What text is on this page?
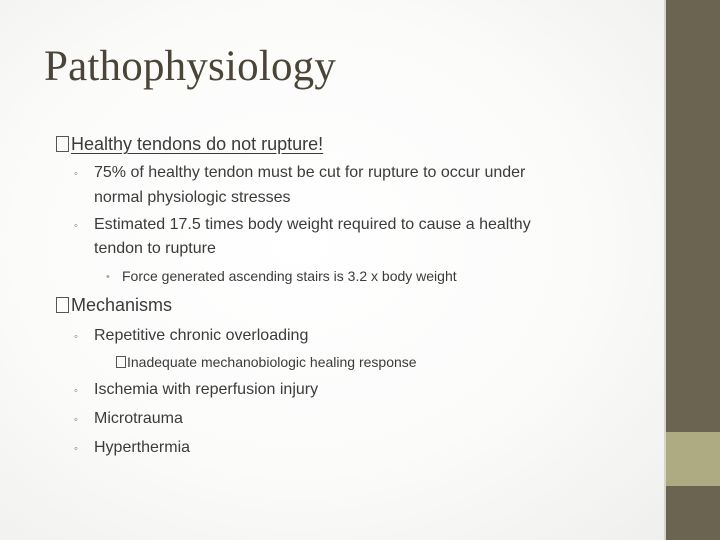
Pathophysiology
Healthy tendons do not rupture!
◦ 75% of healthy tendon must be cut for rupture to occur under
normal physiologic stresses
◦ Estimated 17.5 times body weight required to cause a healthy
tendon to rupture
• Force generated ascending stairs is 3.2 x body weight
Mechanisms
◦ Repetitive chronic overloading
Inadequate mechanobiologic healing response
◦ Ischemia with reperfusion injury
◦ Microtrauma
◦ Hyperthermia
